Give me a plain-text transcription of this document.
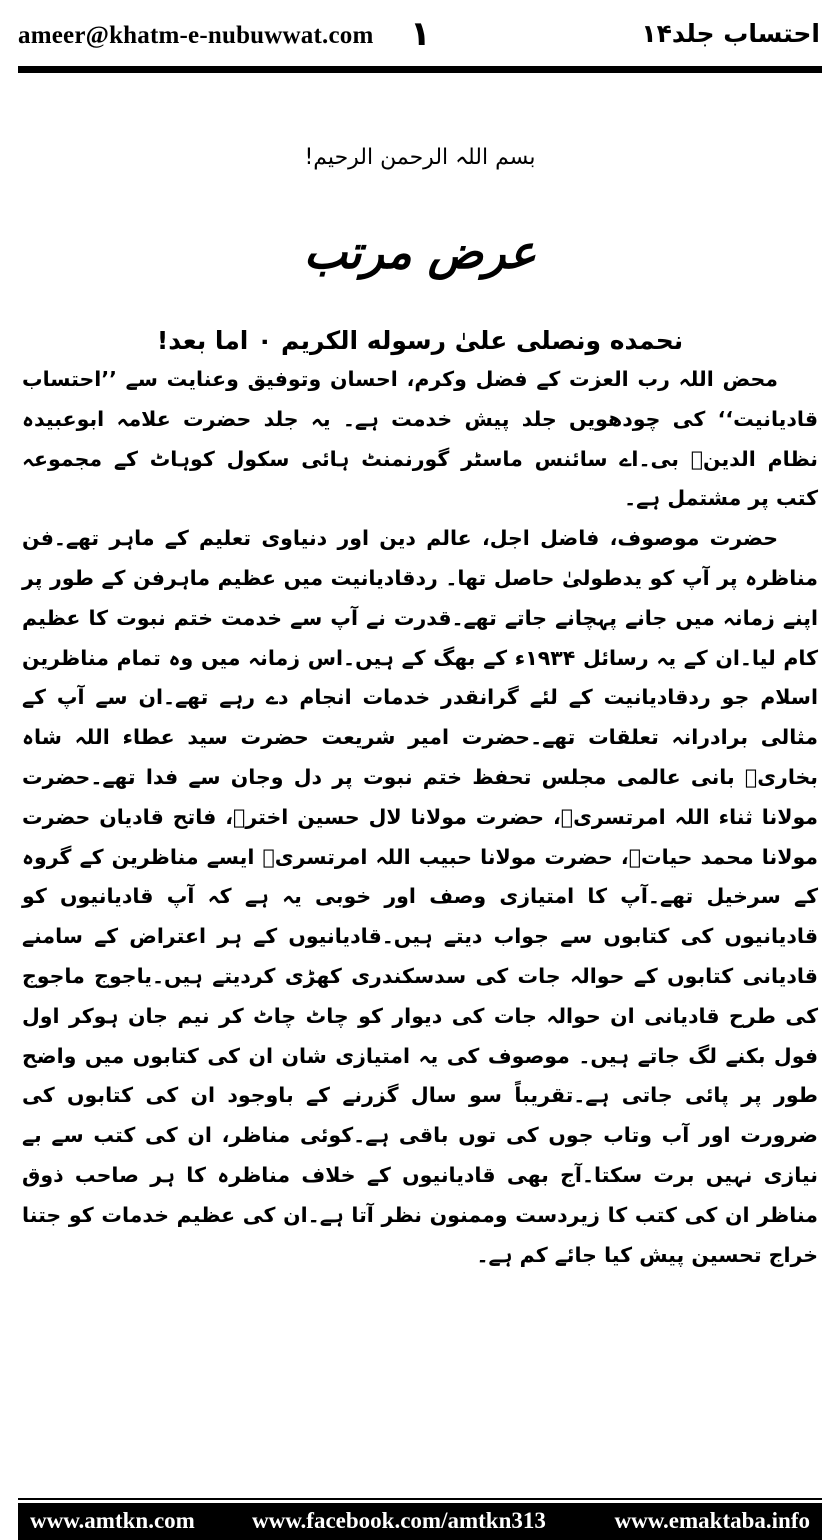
ameer@khatm-e-nubuwwat.com ۱	احتساب جلد۱۴
بسم اللہ الرحمن الرحیم!
عرض مرتب
نحمده ونصلی علیٰ رسوله الكريم ۰ اما بعد!

محض اللہ رب العزت کے فضل وکرم، احسان وتوفیق وعنایت سے ’’احتساب قادیانیت‘‘ کی چودھویں جلد پیش خدمت ہے۔ یہ جلد حضرت علامہ ابوعبیدہ نظام الدینؒ بی۔اے سائنس ماسٹر گورنمنٹ ہائی سکول کوہاٹ کے مجموعہ کتب پر مشتمل ہے۔

حضرت موصوف، فاضل اجل، عالم دین اور دنیاوی تعلیم کے ماہر تھے۔فن مناظرہ پر آپ کو یدطولیٰ حاصل تھا۔ ردقادیانیت میں عظیم ماہرفن کے طور پر اپنے زمانہ میں جانے پہچانے جاتے تھے۔قدرت نے آپ سے خدمت ختم نبوت کا عظیم کام لیا۔ان کے یہ رسائل ۱۹۳۴ء کے بھگ کے ہیں۔اس زمانہ میں وہ تمام مناظرین اسلام جو ردقادیانیت کے لئے گرانقدر خدمات انجام دے رہے تھے۔ان سے آپ کے مثالی برادرانہ تعلقات تھے۔حضرت امیر شریعت حضرت سید عطاء اللہ شاہ بخاریؒ بانی عالمی مجلس تحفظ ختم نبوت پر دل وجان سے فدا تھے۔حضرت مولانا ثناء اللہ امرتسریؒ، حضرت مولانا لال حسین اخترؒ، فاتح قادیان حضرت مولانا محمد حیاتؒ، حضرت مولانا حبیب اللہ امرتسریؒ ایسے مناظرین کے گروہ کے سرخیل تھے۔آپ کا امتیازی وصف اور خوبی یہ ہے کہ آپ قادیانیوں کو قادیانیوں کی کتابوں سے جواب دیتے ہیں۔قادیانیوں کے ہر اعتراض کے سامنے قادیانی کتابوں کے حوالہ جات کی سدسکندری کھڑی کردیتے ہیں۔یاجوج ماجوج کی طرح قادیانی ان حوالہ جات کی دیوار کو چاٹ چاٹ کر نیم جان ہوکر اول فول بکنے لگ جاتے ہیں۔ موصوف کی یہ امتیازی شان ان کی کتابوں میں واضح طور پر پائی جاتی ہے۔تقریباً سو سال گزرنے کے باوجود ان کی کتابوں کی ضرورت اور آب وتاب جوں کی توں باقی ہے۔کوئی مناظر، ان کی کتب سے بے نیازی نہیں برت سکتا۔آج بھی قادیانیوں کے خلاف مناظرہ کا ہر صاحب ذوق مناظر ان کی کتب کا زیردست وممنون نظر آتا ہے۔ان کی عظیم خدمات کو جتنا خراج تحسین پیش کیا جائے کم ہے۔

www.amtkn.com www.facebook.com/amtkn313	www.emaktaba.info
